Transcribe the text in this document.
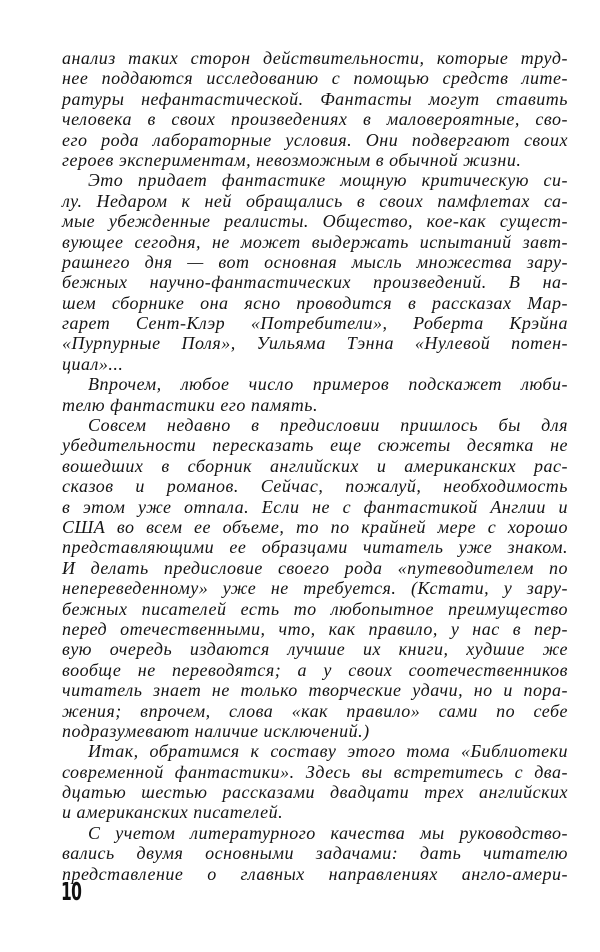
анализ таких сторон действительности, которые труд-
нее поддаются исследованию с помощью средств лите-
ратуры нефантастической. Фантасты могут ставить
человека в своих произведениях в маловероятные, сво-
его рода лабораторные условия. Они подвергают своих
героев экспериментам, невозможным в обычной жизни.
Это придает фантастике мощную критическую си-
лу. Недаром к ней обращались в своих памфлетах са-
мые убежденные реалисты. Общество, кое-как сущест-
вующее сегодня, не может выдержать испытаний завт-
рашнего дня — вот основная мысль множества зару-
бежных научно-фантастических произведений. В на-
шем сборнике она ясно проводится в рассказах Мар-
гарет Сент-Клэр «Потребители», Роберта Крэйна
«Пурпурные Поля», Уильяма Тэнна «Нулевой потен-
циал»...
Впрочем, любое число примеров подскажет люби-
телю фантастики его память.
Совсем недавно в предисловии пришлось бы для
убедительности пересказать еще сюжеты десятка не
вошедших в сборник английских и американских рас-
сказов и романов. Сейчас, пожалуй, необходимость
в этом уже отпала. Если не с фантастикой Англии и
США во всем ее объеме, то по крайней мере с хорошо
представляющими ее образцами читатель уже знаком.
И делать предисловие своего рода «путеводителем по
непереведенному» уже не требуется. (Кстати, у зару-
бежных писателей есть то любопытное преимущество
перед отечественными, что, как правило, у нас в пер-
вую очередь издаются лучшие их книги, худшие же
вообще не переводятся; а у своих соотечественников
читатель знает не только творческие удачи, но и пора-
жения; впрочем, слова «как правило» сами по себе
подразумевают наличие исключений.)
Итак, обратимся к составу этого тома «Библиотеки
современной фантастики». Здесь вы встретитесь с два-
дцатью шестью рассказами двадцати трех английских
и американских писателей.
С учетом литературного качества мы руководство-
вались двумя основными задачами: дать читателю
представление о главных направлениях англо-амери-
10
